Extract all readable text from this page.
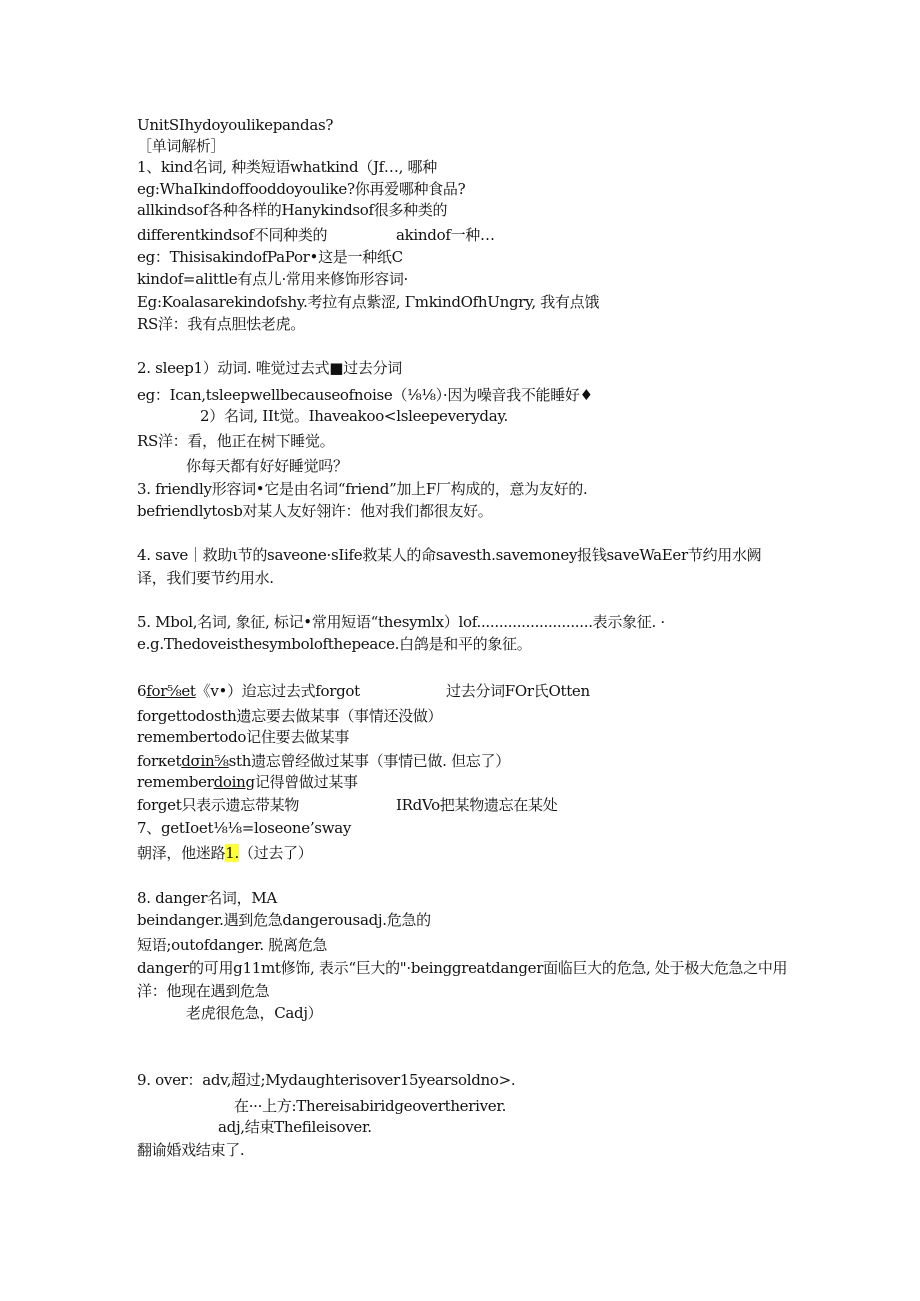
UnitSIhydoyoulikepandas?
［单词解析］
1、kind名词, 种类短语whatkind（Jf…, 哪种
eg:WhaIkindoffooddoyoulike?你再爱哪种食品?
allkindsof各种各样的Hanykindsof很多种类的
differentkindsof不同种类的	akindof一种…
eg：ThisisakindofPaPor•这是一种纸C
kindof=alittle有点儿·常用来修饰形容词·
Eg:Koalasarekindofshy.考拉有点紫涩, ΓmkindOfhUngry, 我有点饿
RS洋：我有点胆怯老虎。
2. sleep1）动词. 唯觉过去式■过去分词
eg：Ican,tsleepwellbecauseofnoise（⅛⅛）·因为噪音我不能睡好♦
2）名词, IIt觉。Ihaveakoo<lsleepeveryday.
RS洋：看，他正在树下睡觉。
你每天都有好好睡觉吗？
3. friendly形容词•它是由名词“friend”加上F厂构成的，意为友好的.
befriendlytosb对某人友好翎许：他对我们都很友好。
4. save｜救助ι节的saveone·sIife救某人的命savesth.savemoney报钱saveWaEer节约用水阙
译，我们要节约用水.
5. Mbol,名词, 象征, 标记•常用短语“thesymlx）lof..........................表示象征. ·
e.g.Thedoveisthesymbolofthepeace.白鸽是和平的象征。
6for⅝et《v•）迨忘过去式forgot	过去分词FOr氏Otten
forgettodosth遗忘要去做某事（事情还没做）
remembertodo记住要去做某事
forκetdσin⅝sth遗忘曾经做过某事（事情已做. 但忘了）
rememberdoing记得曾做过某事
forget只表示遗忘带某物	IRdVo把某物遗忘在某处
7、getIoet⅛⅛=loseone’sway
朝泽，他迷路1.（过去了）
8. danger名词，MA
beindanger.遇到危急dangerousadj.危急的
短语;outofdanger. 脱离危急
danger的可用g11mt修饰, 表示“巨大的"·beinggreatdanger面临巨大的危急, 处于极大危急之中用
洋：他现在遇到危急
老虎很危急，Cadj）
9. over：adv,超过;Mydaughterisover15yearsoldno>.
在···上方:Thereisabiridgeovertheriver.
adj,结束Thefileisover.
翻谕婚戏结束了.
